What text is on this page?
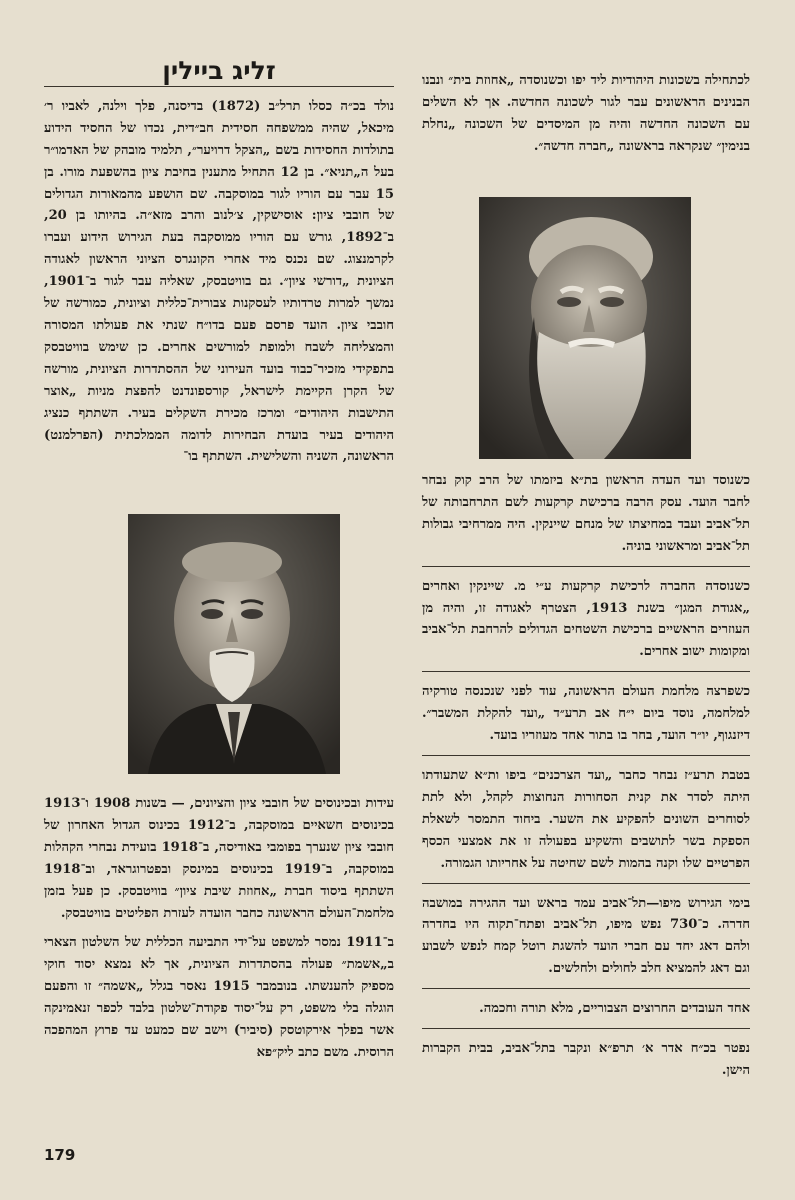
זליג ביילין

נולד בכ״ה כסלו תרל״ב (1872) בדיסנה, פלך וילנה, לאביו ר׳ מיכאל, שהיה ממשפחה חסידית חב״דית, נכדו של החסיד הידוע בתולדות החסידות בשם „הצקל דרויער״, תלמיד מובהק של האדמו״ר בעל ה„תניא״. בן 12 התחיל מתענין בחיבת ציון בהשפעת מורו. בן 15 עבר עם הוריו לגור במוסקבה. שם הושפע מהמאורות הגדולים של חובבי ציון: אוסישקין, צ׳לנוב והרב מזא״ה. בהיותו בן 20, ב־1892, גורש עם הוריו ממוסקבה בעת הגירוש הידוע ועברו לקרמנצוג. שם נכנס מיד אחרי הקונגרס הציוני הראשון לאגודה הציונית „דורשי ציון״. גם בוויטבסק, שאליה עבר לגור ב־1901, נמשך למרות טרדותיו לעסקנות צבורית־כללית וציונית, כמורשה של חובבי ציון. הועד פרסם פעם בדו״ח שנתי את פעולתו המסורה והמצליחה לשבח ולמופת למורשים אחרים. כן שימש בוויטבסק בתפקידי מזכיר־כבוד בועד העירוני של ההסתדרות הציונית, מורשה של הקרן הקיימת לישראל, קורספונדנט להפצת מניות „אוצר התישבות היהודים״ ומרכז מכירת השקלים בעיר. השתתף כנציג היהודים בעיר בועדת הבחירות לדומה הממלכתית (הפרלמנט) הראשונה, השניה והשלישית. השתתף בו־

עידות ובכינוסים של חובבי ציון והציונים, — בשנות 1908 ו־1913 בכינוסים חשאיים במוסקבה, ב־1912 בכינוס הגדול האחרון של חובבי ציון שנערך בפומבי באודיסה, ב־1918 בועידת נבחרי הקהלות במוסקבה, ב־1919 בכינוסים במינסק ובפטרוגראד, וב־1918 השתתף ביסוד חברת „אחוזת שיבת ציון״ בוויטבסק. כן פעל בזמן מלחמת־העולם הראשונה כחבר הועדה לעזרת הפליטים בוויטבסק.

ב־1911 נמסר למשפט על־ידי התביעה הכללית של השלטון הצארי ב„אשמת״ פעולה בהסתדרות הציונית, אך לא נמצא יסוד חוקי מספיק להענשתו. בנובמבר 1915 נאסר בגלל „אשמה״ זו והפעם הוגלה בלי משפט, רק על־יסוד פקודת־שלטון בלבד לכפר זנאמינקה אשר בפלך אירקוטסק (סיביר) וישב שם כמעט עד פרוץ המהפכה הרוסית. משם כתב ליק״פא

לכתחילה בשכונות היהודיות ליד יפו וכשנוסדה „אחוזת בית״ ונבנו הבנינים הראשונים עבר לגור לשכונה החדשה. אך לא השלים עם השכונה החדשה והיה מן המיסדים של השכונה „נחלת בנימין״ שנקראה בראשונה „חברה חדשה״.

כשנוסד ועד העדה הראשון בת״א ביזמתו של הרב קוק נבחר לחבר הועד. עסק הרבה ברכישת קרקעות לשם התרחבותה של תל־אביב ועבד במחיצתו של מנחם שיינקין. היה ממרחיבי גבולות תל־אביב ומראשוני בוניה.

כשנוסדה החברה לרכישת קרקעות ע״י מ. שיינקין ואחרים „אגודת המגן״ בשנת 1913, הצטרף לאגודה זו, והיה מן העוזרים הראשיים ברכישת השטחים הגדולים להרחבת תל־אביב ומקומות ישוב אחרים.

כשפרצה מלחמת העולם הראשונה, עוד לפני שנכנסה טורקיה למלחמה, נוסד ביום י״ח אב תרע״ד „ועד להקלת המשבר״. דיזנגוף, יו״ר הועד, בחר בו בתור אחד מעוזריו בועד.

בטבת תרע״ז נבחר כחבר „ועד הצרכנים״ ביפו ות״א שתעודתו היתה לסדר את קנית הסחורות הנחוצות לקהל, ולא לתת לסוחרים השונים להפקיע את השער. ביחוד התמסר לשאלת הספקת בשר לתושבים והשקיע בפעולה זו את אמצעי הכסף הפרטיים שלו וקנה בהמות לשם שחיטה על אחריותו הגמורה.

בימי הגירוש מיפו—תל־אביב עמד בראש ועד ההגירה במושבה חדרה. כ־730 נפש מיפו, תל־אביב ופתח־תקוה היו בחדרה ולהם דאג יחד עם חברי הועד להשגת רוטל קמח לנפש לשבוע וגם דאג להמציא חלב לחולים ולחלשים.

אחד העובדים החרוצים הצבוריים, מלא תורה וחכמה.

נפטר בכ״ח אדר א׳ תרפ״א ונקבר בתל־אביב, בבית הקברות הישן.

179
